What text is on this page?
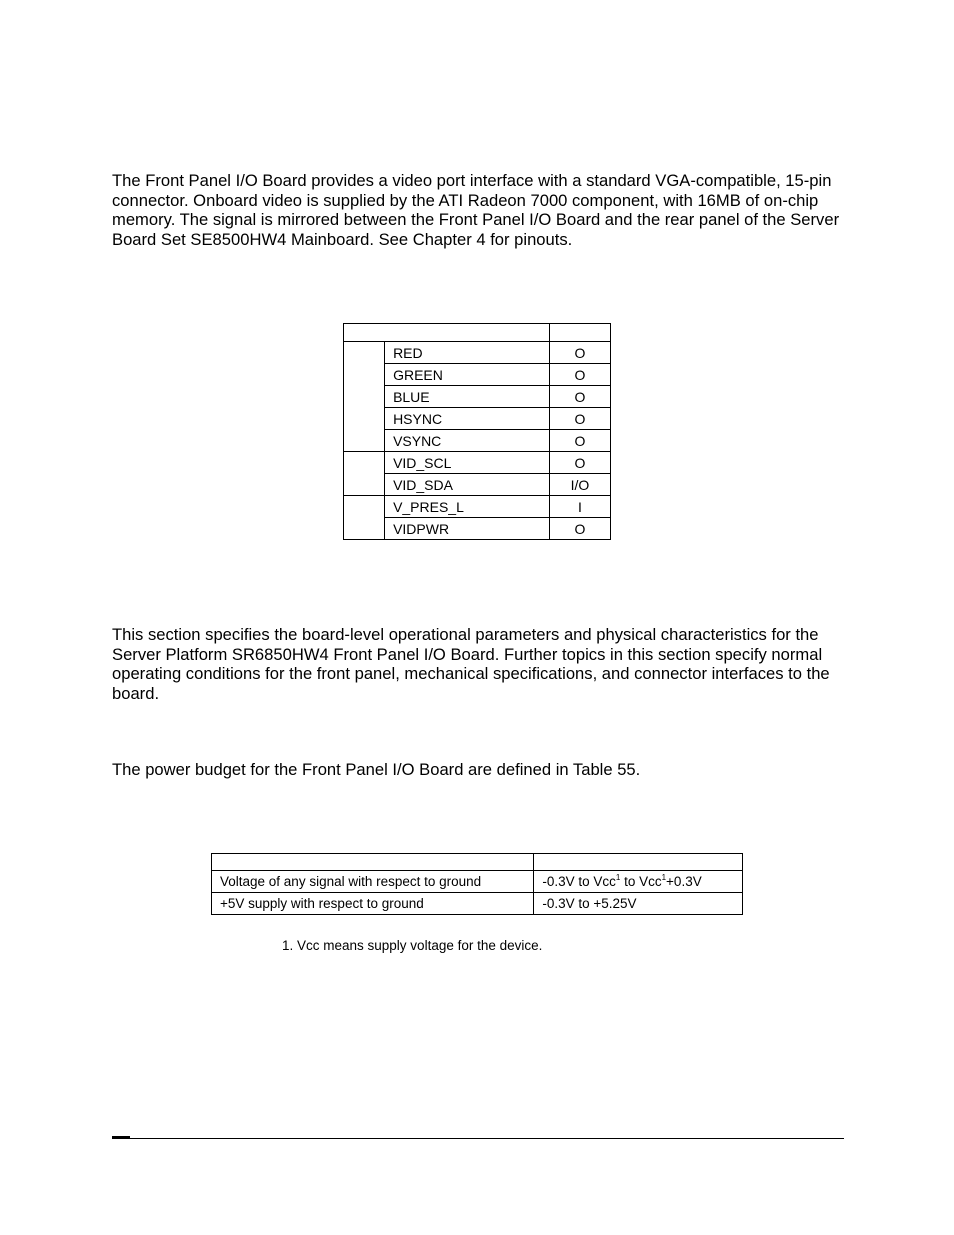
The Front Panel I/O Board provides a video port interface with a standard VGA-compatible, 15-pin connector. Onboard video is supplied by the ATI Radeon 7000 component, with 16MB of on-chip memory. The signal is mirrored between the Front Panel I/O Board and the rear panel of the Server Board Set SE8500HW4 Mainboard. See Chapter 4 for pinouts.

	RED	O
	GREEN	O
	BLUE	O
	HSYNC	O
	VSYNC	O
	VID_SCL	O
	VID_SDA	I/O
	V_PRES_L	I
	VIDPWR	O

This section specifies the board-level operational parameters and physical characteristics for the Server Platform SR6850HW4 Front Panel I/O Board. Further topics in this section specify normal operating conditions for the front panel, mechanical specifications, and connector interfaces to the board.

The power budget for the Front Panel I/O Board are defined in Table 55.

Voltage of any signal with respect to ground	-0.3V to Vcc$^1$ to Vcc$^1$+0.3V
+5V supply with respect to ground	-0.3V to +5.25V

1. Vcc means supply voltage for the device.
